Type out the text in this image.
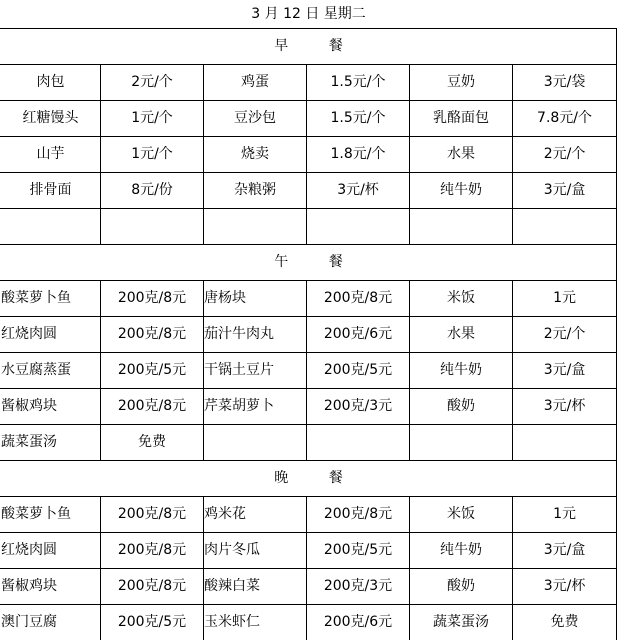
3 月 12 日 星期二					
早 餐					
肉包	2元/个	鸡蛋	1.5元/个	豆奶	3元/袋
红糖馒头	1元/个	豆沙包	1.5元/个	乳酪面包	7.8元/个
山芋	1元/个	烧卖	1.8元/个	水果	2元/个
排骨面	8元/份	杂粮粥	3元/杯	纯牛奶	3元/盒

午 餐					
酸菜萝卜鱼	200克/8元	唐杨块	200克/8元	米饭	1元
红烧肉圆	200克/8元	茄汁牛肉丸	200克/6元	水果	2元/个
水豆腐蒸蛋	200克/5元	干锅土豆片	200克/5元	纯牛奶	3元/盒
酱椒鸡块	200克/8元	芹菜胡萝卜	200克/3元	酸奶	3元/杯
蔬菜蛋汤	免费				
晚 餐					
酸菜萝卜鱼	200克/8元	鸡米花	200克/8元	米饭	1元
红烧肉圆	200克/8元	肉片冬瓜	200克/5元	纯牛奶	3元/盒
酱椒鸡块	200克/8元	酸辣白菜	200克/3元	酸奶	3元/杯
澳门豆腐	200克/5元	玉米虾仁	200克/6元	蔬菜蛋汤	免费
